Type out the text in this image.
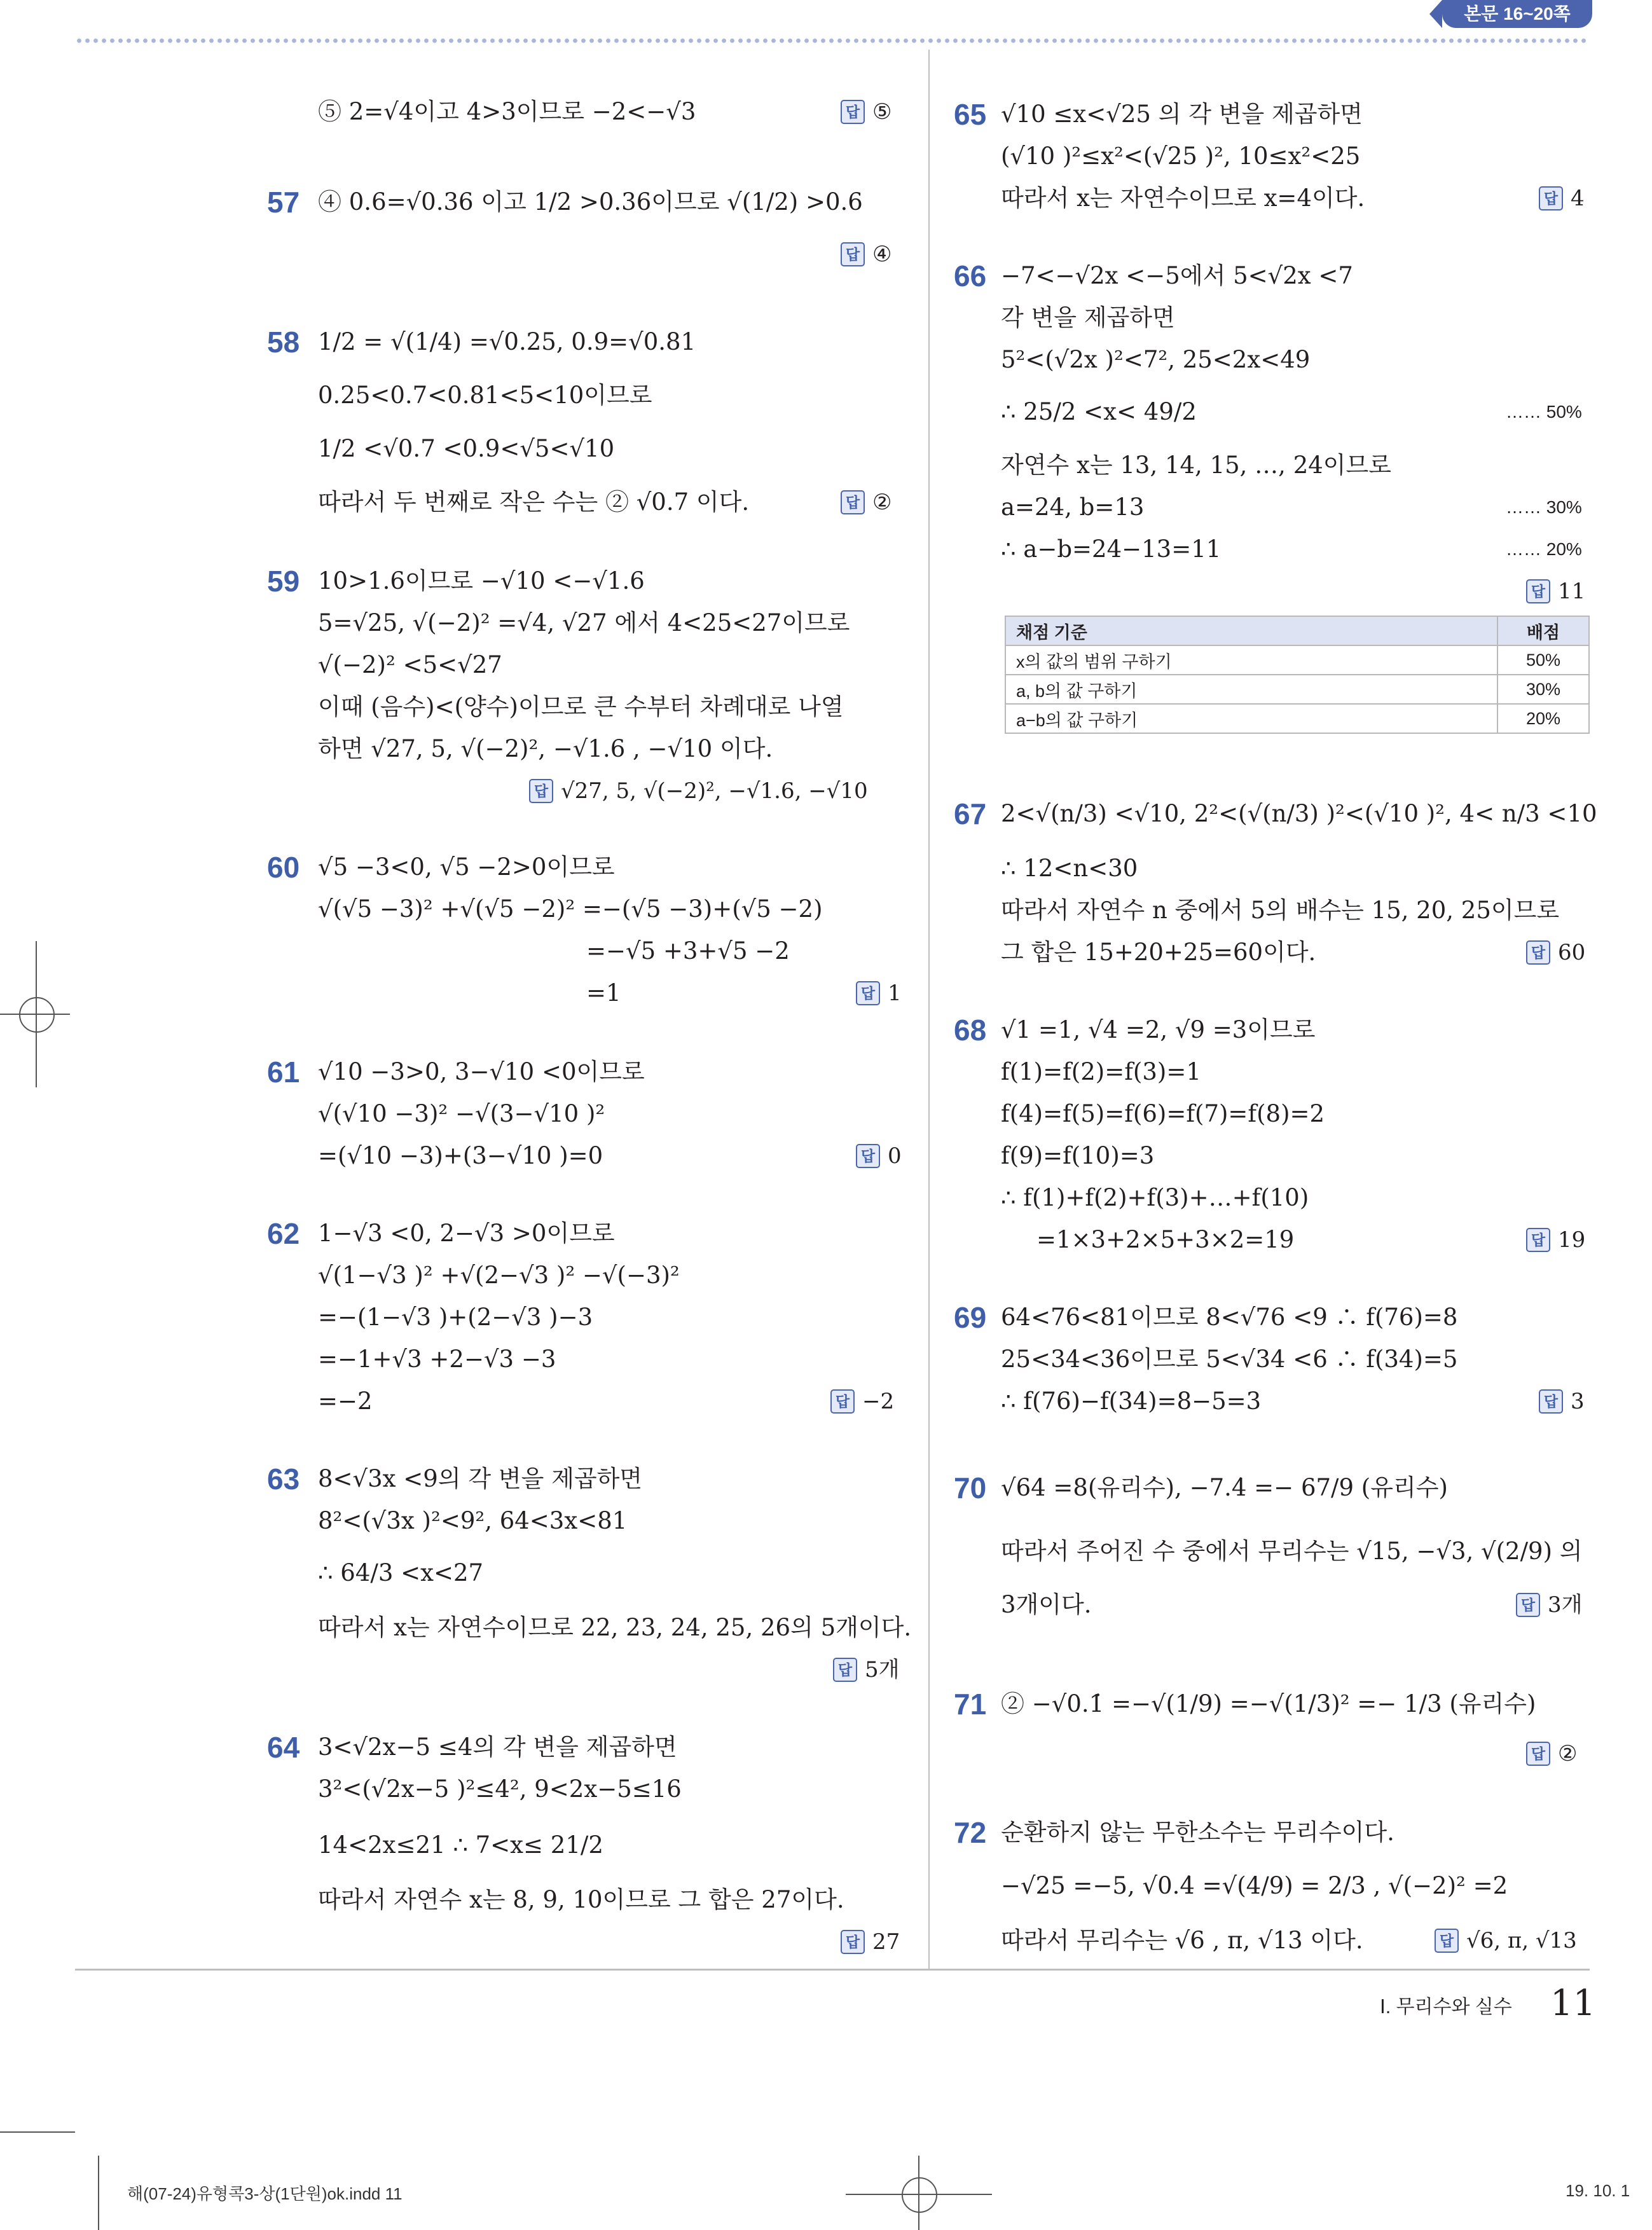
본문 16~20쪽
⑤ 2=√4이고 4>3이므로 −2<−√3	답 ⑤
57 ④ 0.6=√0.36 이고 1/2 >0.36이므로 √(1/2) >0.6
답 ④
58 1/2 = √(1/4) =√0.25, 0.9=√0.81
0.25<0.7<0.81<5<10이므로
1/2 <√0.7 <0.9<√5<√10
따라서 두 번째로 작은 수는 ② √0.7 이다.	답 ②
59 10>1.6이므로 −√10 <−√1.6
5=√25, √(−2)² =√4, √27 에서 4<25<27이므로
√(−2)² <5<√27
이때 (음수)<(양수)이므로 큰 수부터 차례대로 나열
하면 √27, 5, √(−2)², −√1.6 , −√10 이다.
답 √27, 5, √(−2)², −√1.6, −√10
60 √5 −3<0, √5 −2>0이므로
√(√5 −3)² +√(√5 −2)² =−(√5 −3)+(√5 −2)
=−√5 +3+√5 −2
=1	답 1
61 √10 −3>0, 3−√10 <0이므로
√(√10 −3)² −√(3−√10 )²
=(√10 −3)+(3−√10 )=0	답 0
62 1−√3 <0, 2−√3 >0이므로
√(1−√3 )² +√(2−√3 )² −√(−3)²
=−(1−√3 )+(2−√3 )−3
=−1+√3 +2−√3 −3
=−2	답 −2
63 8<√3x <9의 각 변을 제곱하면
8²<(√3x )²<9², 64<3x<81
∴ 64/3 <x<27
따라서 x는 자연수이므로 22, 23, 24, 25, 26의 5개이다.
답 5개
64 3<√2x−5 ≤4의 각 변을 제곱하면
3²<(√2x−5 )²≤4², 9<2x−5≤16
14<2x≤21 ∴ 7<x≤ 21/2
따라서 자연수 x는 8, 9, 10이므로 그 합은 27이다.
답 27
65 √10 ≤x<√25 의 각 변을 제곱하면
(√10 )²≤x²<(√25 )², 10≤x²<25
따라서 x는 자연수이므로 x=4이다.	답 4
66 −7<−√2x <−5에서 5<√2x <7
각 변을 제곱하면
5²<(√2x )²<7², 25<2x<49
∴ 25/2 <x< 49/2	…… 50%
자연수 x는 13, 14, 15, …, 24이므로
a=24, b=13	…… 30%
∴ a−b=24−13=11	…… 20%
답 11
채점 기준	배점
x의 값의 범위 구하기	50%
a, b의 값 구하기	30%
a−b의 값 구하기	20%
67 2<√(n/3) <√10, 2²<(√(n/3) )²<(√10 )², 4< n/3 <10
∴ 12<n<30
따라서 자연수 n 중에서 5의 배수는 15, 20, 25이므로
그 합은 15+20+25=60이다.	답 60
68 √1 =1, √4 =2, √9 =3이므로
f(1)=f(2)=f(3)=1
f(4)=f(5)=f(6)=f(7)=f(8)=2
f(9)=f(10)=3
∴ f(1)+f(2)+f(3)+…+f(10)
=1×3+2×5+3×2=19	답 19
69 64<76<81이므로 8<√76 <9 ∴ f(76)=8
25<34<36이므로 5<√34 <6 ∴ f(34)=5
∴ f(76)−f(34)=8−5=3	답 3
70 √64 =8(유리수), −7.4̇ =− 67/9 (유리수)
따라서 주어진 수 중에서 무리수는 √15, −√3, √(2/9) 의
3개이다.	답 3개
71 ② −√0.1̇ =−√(1/9) =−√(1/3)² =− 1/3 (유리수)
답 ②
72 순환하지 않는 무한소수는 무리수이다.
−√25 =−5, √0.4̇ =√(4/9) = 2/3 , √(−2)² =2
따라서 무리수는 √6 , π, √13 이다.	답 √6, π, √13
Ⅰ. 무리수와 실수 11
해(07-24)유형콕3-상(1단원)ok.indd 11	19. 10. 1
